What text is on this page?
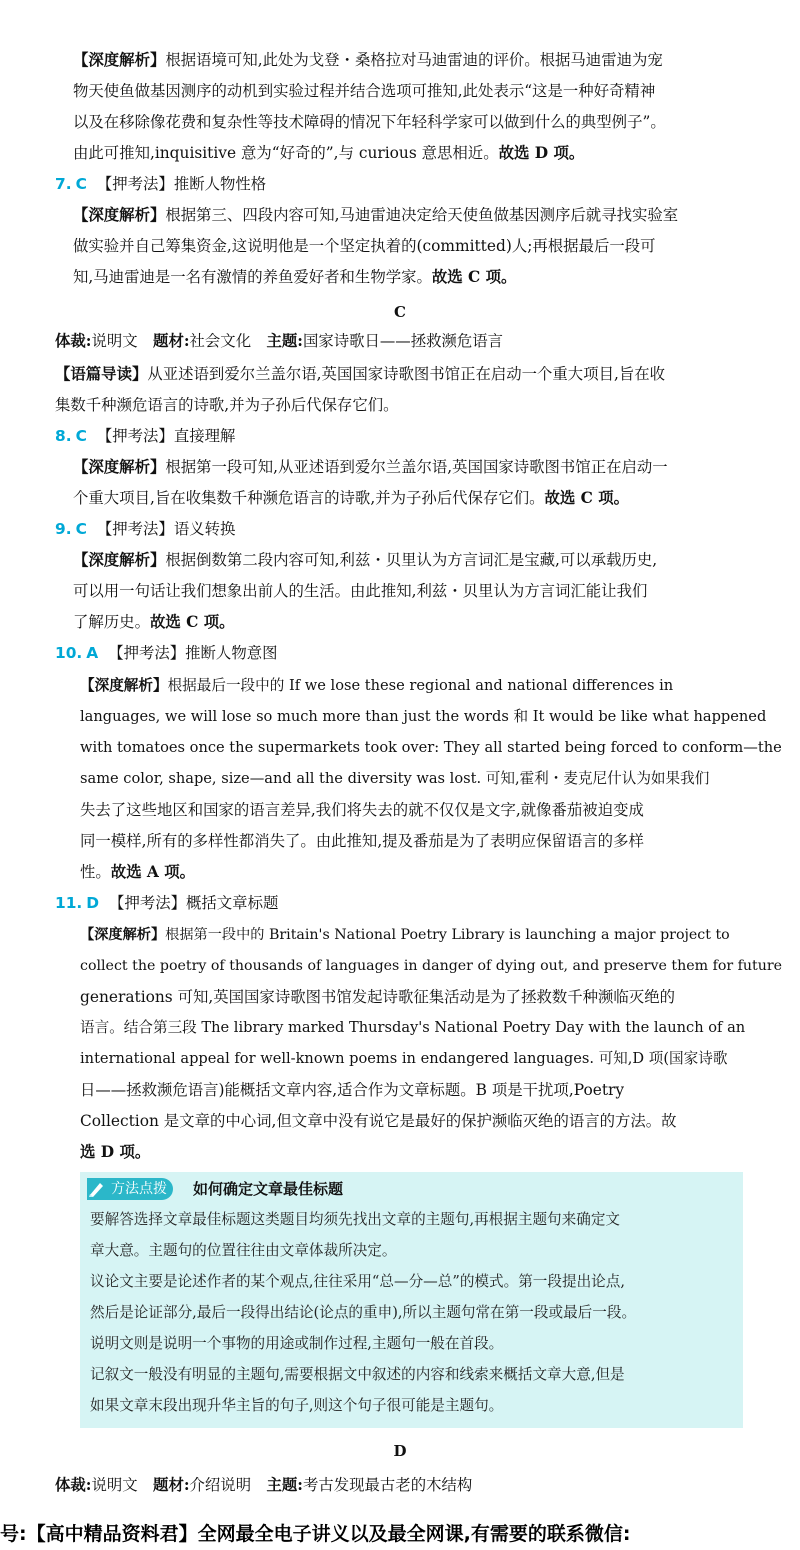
【深度解析】根据语境可知,此处为戈登・桑格拉对马迪雷迪的评价。根据马迪雷迪为宠
物天使鱼做基因测序的动机到实验过程并结合选项可推知,此处表示“这是一种好奇精神
以及在移除像花费和复杂性等技术障碍的情况下年轻科学家可以做到什么的典型例子”。
由此可推知,inquisitive 意为“好奇的”,与 curious 意思相近。故选 D 项。
7. C 【押考法】推断人物性格
【深度解析】根据第三、四段内容可知,马迪雷迪决定给天使鱼做基因测序后就寻找实验室
做实验并自己筹集资金,这说明他是一个坚定执着的(committed)人;再根据最后一段可
知,马迪雷迪是一名有激情的养鱼爱好者和生物学家。故选 C 项。
C
体裁:说明文　题材:社会文化　主题:国家诗歌日——拯救濒危语言
【语篇导读】从亚述语到爱尔兰盖尔语,英国国家诗歌图书馆正在启动一个重大项目,旨在收
集数千种濒危语言的诗歌,并为子孙后代保存它们。
8. C 【押考法】直接理解
【深度解析】根据第一段可知,从亚述语到爱尔兰盖尔语,英国国家诗歌图书馆正在启动一
个重大项目,旨在收集数千种濒危语言的诗歌,并为子孙后代保存它们。故选 C 项。
9. C 【押考法】语义转换
【深度解析】根据倒数第二段内容可知,利兹・贝里认为方言词汇是宝藏,可以承载历史,
可以用一句话让我们想象出前人的生活。由此推知,利兹・贝里认为方言词汇能让我们
了解历史。故选 C 项。
10. A 【押考法】推断人物意图
【深度解析】根据最后一段中的 If we lose these regional and national differences in
languages, we will lose so much more than just the words 和 It would be like what happened
with tomatoes once the supermarkets took over: They all started being forced to conform—the
same color, shape, size—and all the diversity was lost. 可知,霍利・麦克尼什认为如果我们
失去了这些地区和国家的语言差异,我们将失去的就不仅仅是文字,就像番茄被迫变成
同一模样,所有的多样性都消失了。由此推知,提及番茄是为了表明应保留语言的多样
性。故选 A 项。
11. D 【押考法】概括文章标题
【深度解析】根据第一段中的 Britain's National Poetry Library is launching a major project to
collect the poetry of thousands of languages in danger of dying out, and preserve them for future
generations 可知,英国国家诗歌图书馆发起诗歌征集活动是为了拯救数千种濒临灭绝的
语言。结合第三段 The library marked Thursday's National Poetry Day with the launch of an
international appeal for well-known poems in endangered languages. 可知,D 项(国家诗歌
日——拯救濒危语言)能概括文章内容,适合作为文章标题。B 项是干扰项,Poetry
Collection 是文章的中心词,但文章中没有说它是最好的保护濒临灭绝的语言的方法。故
选 D 项。
方法点拨	如何确定文章最佳标题
要解答选择文章最佳标题这类题目均须先找出文章的主题句,再根据主题句来确定文
章大意。主题句的位置往往由文章体裁所决定。
议论文主要是论述作者的某个观点,往往采用“总—分—总”的模式。第一段提出论点,
然后是论证部分,最后一段得出结论(论点的重申),所以主题句常在第一段或最后一段。
说明文则是说明一个事物的用途或制作过程,主题句一般在首段。
记叙文一般没有明显的主题句,需要根据文中叙述的内容和线索来概括文章大意,但是
如果文章末段出现升华主旨的句子,则这个句子很可能是主题句。
D
体裁:说明文　题材:介绍说明　主题:考古发现最古老的木结构
号:【高中精品资料君】全网最全电子讲义以及最全网课,有需要的联系微信:
